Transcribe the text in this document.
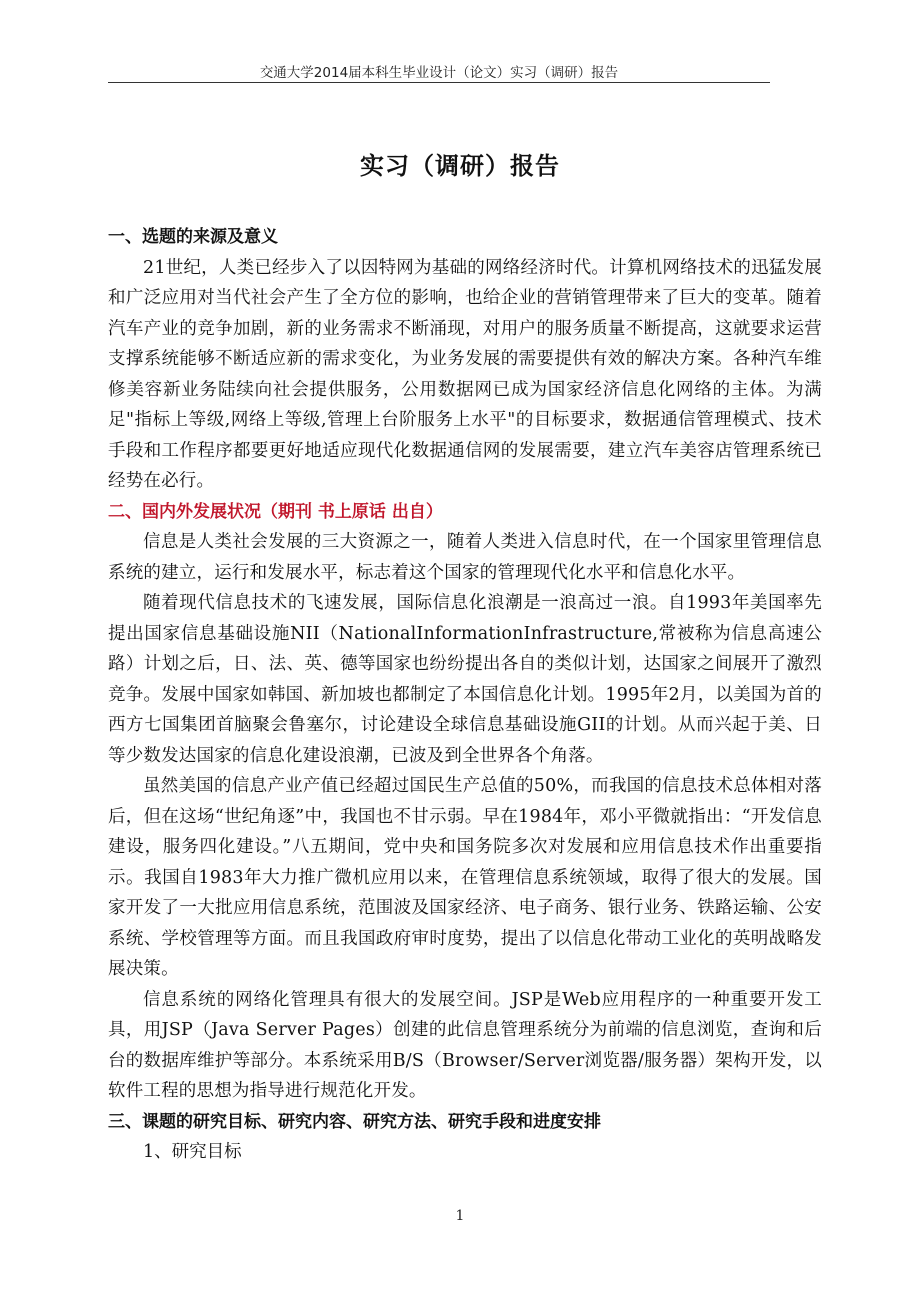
交通大学2014届本科生毕业设计（论文）实习（调研）报告
实习（调研）报告
一、选题的来源及意义

21世纪，人类已经步入了以因特网为基础的网络经济时代。计算机网络技术的迅猛发展和广泛应用对当代社会产生了全方位的影响，也给企业的营销管理带来了巨大的变革。随着汽车产业的竞争加剧，新的业务需求不断涌现，对用户的服务质量不断提高，这就要求运营支撑系统能够不断适应新的需求变化，为业务发展的需要提供有效的解决方案。各种汽车维修美容新业务陆续向社会提供服务，公用数据网已成为国家经济信息化网络的主体。为满足"指标上等级,网络上等级,管理上台阶服务上水平"的目标要求，数据通信管理模式、技术手段和工作程序都要更好地适应现代化数据通信网的发展需要，建立汽车美容店管理系统已经势在必行。

二、国内外发展状况（期刊 书上原话 出自）

信息是人类社会发展的三大资源之一，随着人类进入信息时代，在一个国家里管理信息系统的建立，运行和发展水平，标志着这个国家的管理现代化水平和信息化水平。

随着现代信息技术的飞速发展，国际信息化浪潮是一浪高过一浪。自1993年美国率先提出国家信息基础设施NII（NationalInformationInfrastructure,常被称为信息高速公路）计划之后，日、法、英、德等国家也纷纷提出各自的类似计划，达国家之间展开了激烈竞争。发展中国家如韩国、新加坡也都制定了本国信息化计划。1995年2月，以美国为首的西方七国集团首脑聚会鲁塞尔，讨论建设全球信息基础设施GII的计划。从而兴起于美、日等少数发达国家的信息化建设浪潮，已波及到全世界各个角落。

虽然美国的信息产业产值已经超过国民生产总值的50%，而我国的信息技术总体相对落后，但在这场“世纪角逐”中，我国也不甘示弱。早在1984年，邓小平微就指出：“开发信息建设，服务四化建设。”八五期间，党中央和国务院多次对发展和应用信息技术作出重要指示。我国自1983年大力推广微机应用以来，在管理信息系统领域，取得了很大的发展。国家开发了一大批应用信息系统，范围波及国家经济、电子商务、银行业务、铁路运输、公安系统、学校管理等方面。而且我国政府审时度势，提出了以信息化带动工业化的英明战略发展决策。

信息系统的网络化管理具有很大的发展空间。JSP是Web应用程序的一种重要开发工具，用JSP（Java Server Pages）创建的此信息管理系统分为前端的信息浏览，查询和后台的数据库维护等部分。本系统采用B/S（Browser/Server浏览器/服务器）架构开发，以软件工程的思想为指导进行规范化开发。

三、课题的研究目标、研究内容、研究方法、研究手段和进度安排
1、研究目标
1
